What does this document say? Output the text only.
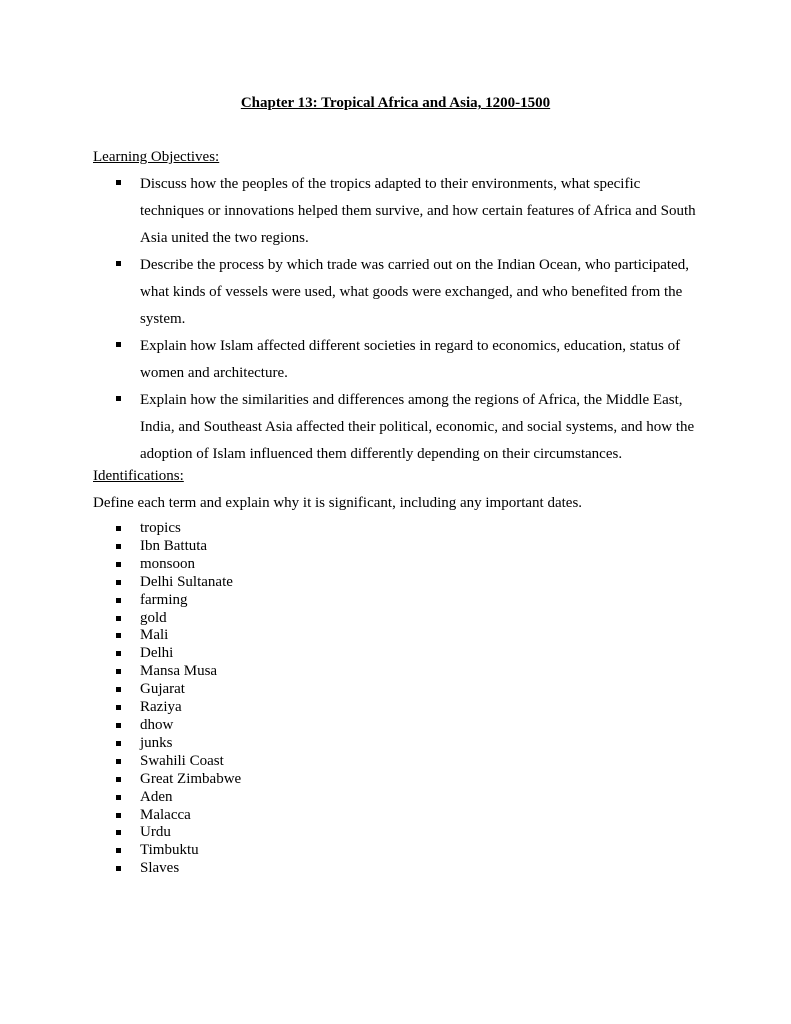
Chapter 13: Tropical Africa and Asia, 1200-1500
Learning Objectives:
Discuss how the peoples of the tropics adapted to their environments, what specific techniques or innovations helped them survive, and how certain features of Africa and South Asia united the two regions.
Describe the process by which trade was carried out on the Indian Ocean, who participated, what kinds of vessels were used, what goods were exchanged, and who benefited from the system.
Explain how Islam affected different societies in regard to economics, education, status of women and architecture.
Explain how the similarities and differences among the regions of Africa, the Middle East, India, and Southeast Asia affected their political, economic, and social systems, and how the adoption of Islam influenced them differently depending on their circumstances.
Identifications:
Define each term and explain why it is significant, including any important dates.
tropics
Ibn Battuta
monsoon
Delhi Sultanate
farming
gold
Mali
Delhi
Mansa Musa
Gujarat
Raziya
dhow
junks
Swahili Coast
Great Zimbabwe
Aden
Malacca
Urdu
Timbuktu
Slaves
